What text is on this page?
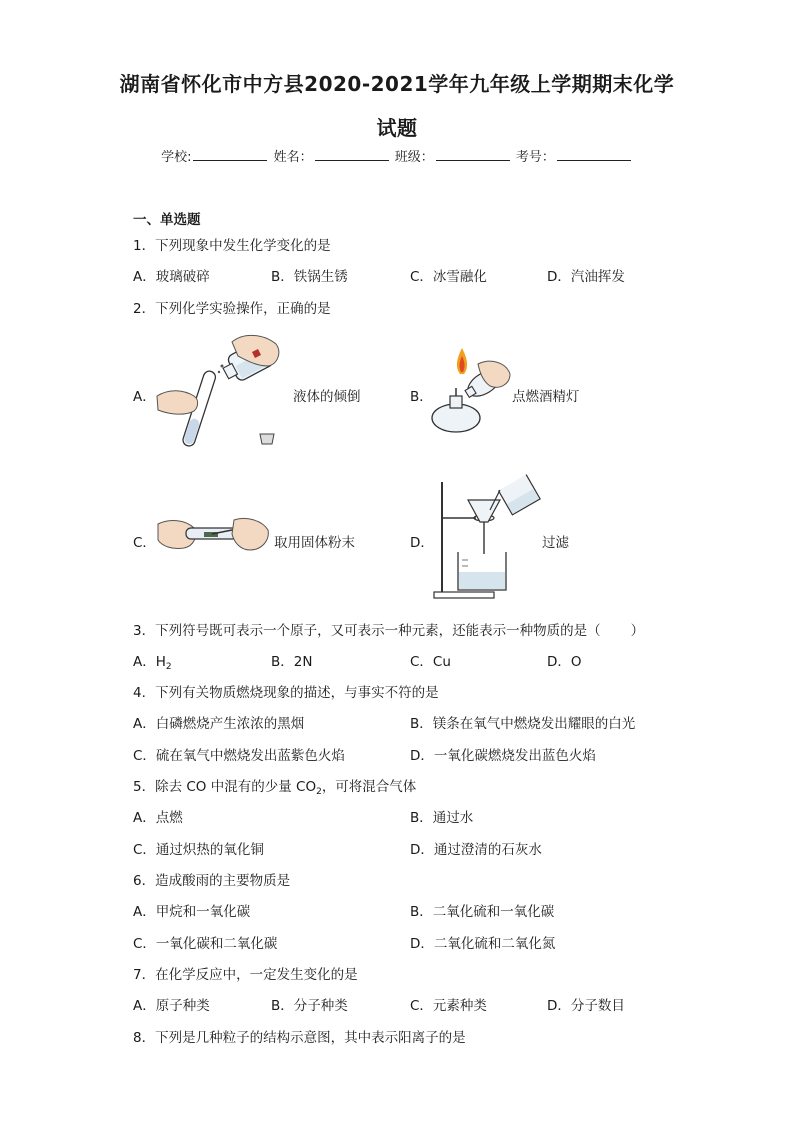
湖南省怀化市中方县2020-2021学年九年级上学期期末化学
试题
学校:	姓名：	班级：	考号：
一、单选题
1．下列现象中发生化学变化的是
A．玻璃破碎	B．铁锅生锈	C．冰雪融化	D．汽油挥发
2．下列化学实验操作，正确的是
A．	液体的倾倒	B．	点燃酒精灯
C．	取用固体粉末	D．	过滤
3．下列符号既可表示一个原子，又可表示一种元素，还能表示一种物质的是（ ）
A．$H_2$	B．2N	C．Cu	D．O
4．下列有关物质燃烧现象的描述，与事实不符的是
A．白磷燃烧产生浓浓的黑烟	B．镁条在氧气中燃烧发出耀眼的白光
C．硫在氧气中燃烧发出蓝紫色火焰	D．一氧化碳燃烧发出蓝色火焰
5．除去 CO 中混有的少量 $CO_2$，可将混合气体
A．点燃	B．通过水
C．通过炽热的氧化铜	D．通过澄清的石灰水
6．造成酸雨的主要物质是
A．甲烷和一氧化碳	B．二氧化硫和一氧化碳
C．一氧化碳和二氧化碳	D．二氧化硫和二氧化氮
7．在化学反应中，一定发生变化的是
A．原子种类	B．分子种类	C．元素种类	D．分子数目
8．下列是几种粒子的结构示意图，其中表示阳离子的是
